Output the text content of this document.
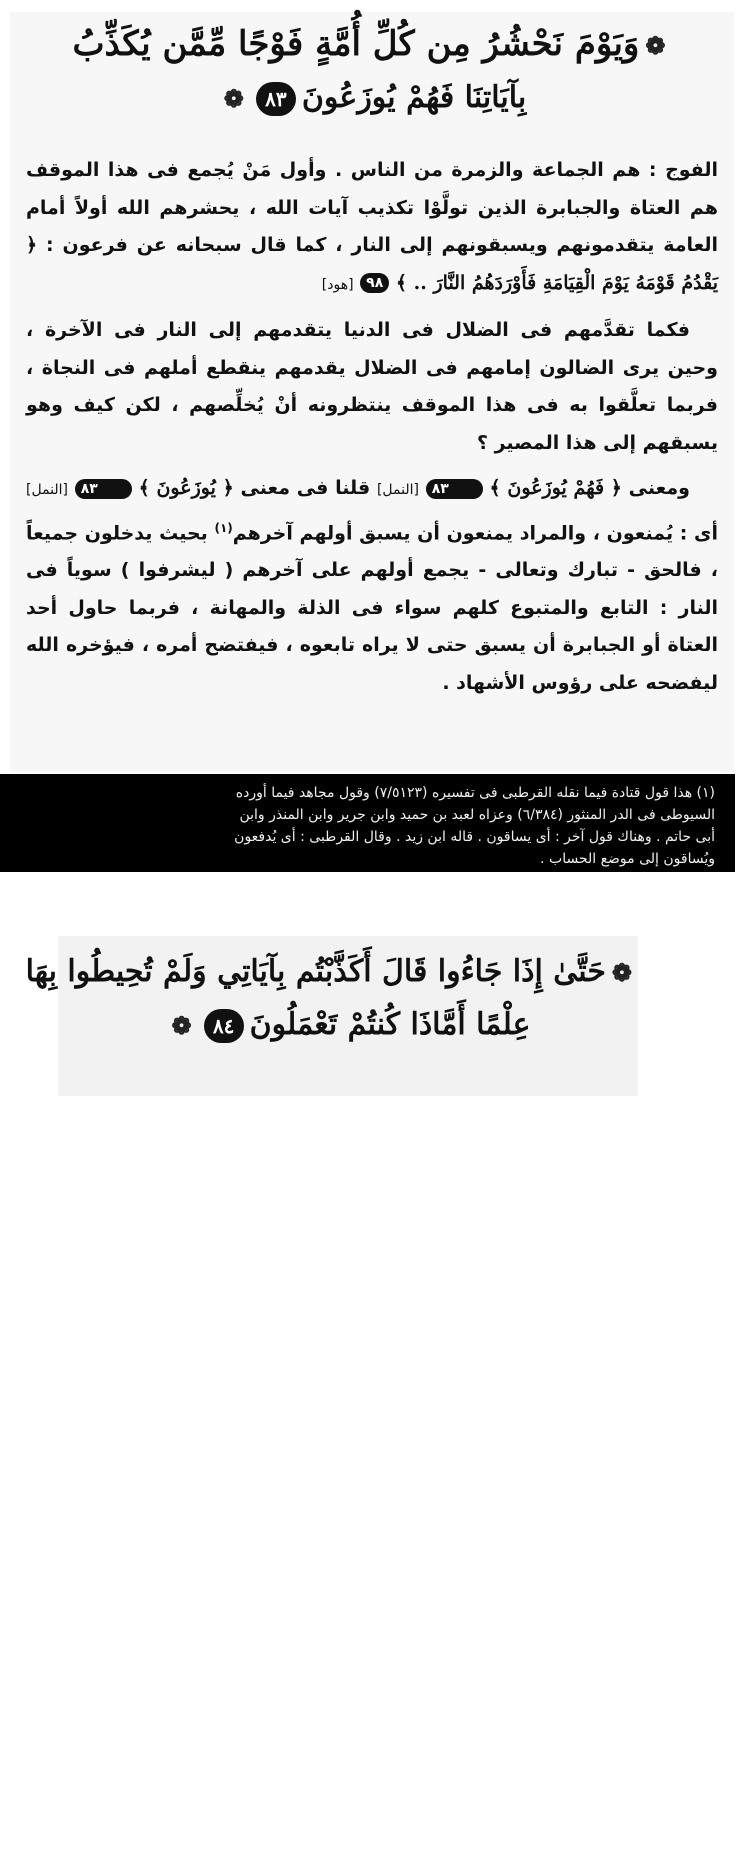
❁وَيَوْمَ نَحْشُرُ مِن كُلِّ أُمَّةٍ فَوْجًا مِّمَّن يُكَذِّبُ
بِآيَاتِنَا فَهُمْ يُوزَعُونَ٨٣❁

الفوج : هم الجماعة والزمرة من الناس . وأول مَنْ يُجمع فى هذا الموقف هم العتاة والجبابرة الذين تولَّوْا تكذيب آيات الله ، يحشرهم الله أولاً أمام العامة يتقدمونهم ويسبقونهم إلى النار ، كما قال سبحانه عن فرعون : ﴿ يَقْدُمُ قَوْمَهُ يَوْمَ الْقِيَامَةِ فَأَوْرَدَهُمُ النَّارَ .. ﴾ ٩٨ [هود]

فكما تقدَّمهم فى الضلال فى الدنيا يتقدمهم إلى النار فى الآخرة ، وحين يرى الضالون إمامهم فى الضلال يقدمهم ينقطع أملهم فى النجاة ، فربما تعلَّقوا به فى هذا الموقف ينتظرونه أنْ يُخلِّصهم ، لكن كيف وهو يسبقهم إلى هذا المصير ؟

ومعنى ﴿ فَهُمْ يُوزَعُونَ ﴾ ٨٣ [النمل] قلنا فى معنى ﴿ يُوزَعُونَ ﴾ ٨٣ [النمل] أى : يُمنعون ، والمراد يمنعون أن يسبق أولهم آخرهم$^{(١)}$ بحيث يدخلون جميعاً ، فالحق - تبارك وتعالى - يجمع أولهم على آخرهم ( ليشرفوا ) سوياً فى النار : التابع والمتبوع كلهم سواء فى الذلة والمهانة ، فربما حاول أحد العتاة أو الجبابرة أن يسبق حتى لا يراه تابعوه ، فيفتضح أمره ، فيؤخره الله ليفضحه على رؤوس الأشهاد .

(١) هذا قول قتادة فيما نقله القرطبى فى تفسيره (٧/٥١٢٣) وقول مجاهد فيما أورده
السيوطى فى الدر المنثور (٦/٣٨٤) وعزاه لعبد بن حميد وابن جرير وابن المنذر وابن
أبى حاتم . وهناك قول آخر : أى يساقون . قاله ابن زيد . وقال القرطبى : أى يُدفعون
ويُساقون إلى موضع الحساب .
❁حَتَّىٰ إِذَا جَاءُوا قَالَ أَكَذَّبْتُم بِآيَاتِي وَلَمْ تُحِيطُوا بِهَا
عِلْمًا أَمَّاذَا كُنتُمْ تَعْمَلُونَ٨٤❁
